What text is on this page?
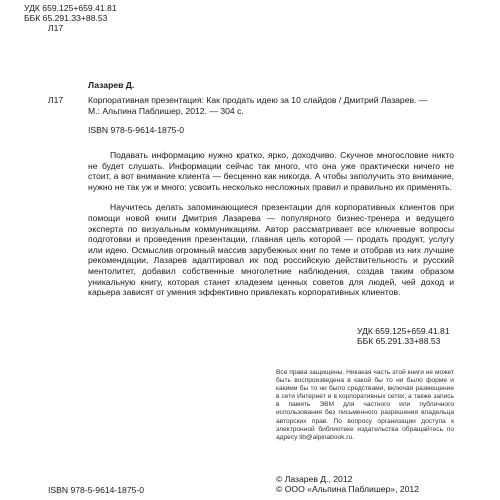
УДК 659.125+659.41.81
ББК 65.291.33+88.53
Л17
Лазарев Д.
Л17	Корпоративная презентация: Как продать идею за 10 слайдов / Дмитрий Лазарев. —
М.: Альпина Паблишер, 2012. — 304 с.
ISBN 978-5-9614-1875-0

Подавать информацию нужно кратко, ярко, доходчиво. Скучное многословие никто не будет слушать. Информации сейчас так много, что она уже практически ничего не стоит, а вот внимание клиента — бесценно как никогда. А чтобы заполучить это внимание, нужно не так уж и много: усвоить несколько несложных правил и правильно их применять.

Научитесь делать запоминающиеся презентации для корпоративных клиентов при помощи новой книги Дмитрия Лазарева — популярного бизнес-тренера и ведущего эксперта по визуальным коммуникациям. Автор рассматривает все ключевые вопросы подготовки и проведения презентации, главная цель которой — продать продукт, услугу или идею. Осмыслив огромный массив зарубежных книг по теме и отобрав из них лучшие рекомендации, Лазарев адаптировал их под российскую действительность и русский ментолитет, добавил собственные многолетние наблюдения, создав таким образом уникальную книгу, которая станет кладезем ценных советов для людей, чей доход и карьера зависят от умения эффективно привлекать корпоративных клиентов.

УДК 659.125+659.41.81
ББК 65.291.33+88.53
Все права защищены. Никакая часть этой книги не может быть воспроизведена в какой бы то ни было форме и какими бы то ни было средствами, включая размещение в сети Интернет и в корпоративных сетях, а также запись в память ЭВМ для частного или публичного использования без письменного разрешения владельца авторских прав. По вопросу организации доступа к электронной библиотеке издательства обращайтесь по адресу lib@alpinabook.ru.
ISBN 978-5-9614-1875-0
© Лазарев Д., 2012
© ООО «Альпина Паблишер», 2012
